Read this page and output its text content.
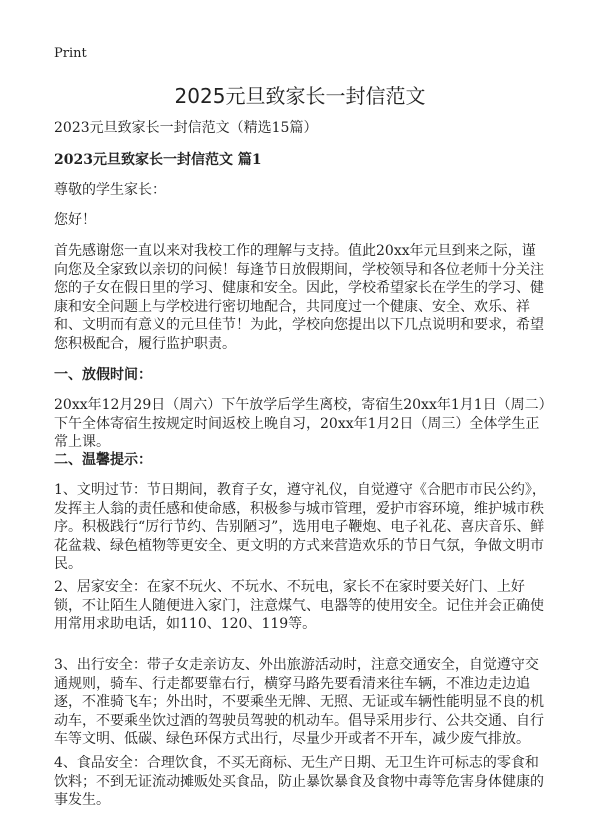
Print
2025元旦致家长一封信范文
2023元旦致家长一封信范文（精选15篇）
2023元旦致家长一封信范文 篇1
尊敬的学生家长：
您好！
首先感谢您一直以来对我校工作的理解与支持。值此20xx年元旦到来之际，谨向您及全家致以亲切的问候！每逢节日放假期间，学校领导和各位老师十分关注您的子女在假日里的学习、健康和安全。因此，学校希望家长在学生的学习、健康和安全问题上与学校进行密切地配合，共同度过一个健康、安全、欢乐、祥和、文明而有意义的元旦佳节！为此，学校向您提出以下几点说明和要求，希望您积极配合，履行监护职责。
一、放假时间：
20xx年12月29日（周六）下午放学后学生离校，寄宿生20xx年1月1日（周二）下午全体寄宿生按规定时间返校上晚自习，20xx年1月2日（周三）全体学生正常上课。
二、温馨提示：
1、文明过节：节日期间，教育子女，遵守礼仪，自觉遵守《合肥市市民公约》，发挥主人翁的责任感和使命感，积极参与城市管理，爱护市容环境，维护城市秩序。积极践行“厉行节约、告别陋习”，选用电子鞭炮、电子礼花、喜庆音乐、鲜花盆栽、绿色植物等更安全、更文明的方式来营造欢乐的节日气氛，争做文明市民。
2、居家安全：在家不玩火、不玩水、不玩电，家长不在家时要关好门、上好锁，不让陌生人随便进入家门，注意煤气、电器等的使用安全。记住并会正确使用常用求助电话，如110、120、119等。
3、出行安全：带子女走亲访友、外出旅游活动时，注意交通安全，自觉遵守交通规则，骑车、行走都要靠右行，横穿马路先要看清来往车辆，不准边走边追逐，不准骑飞车；外出时，不要乘坐无牌、无照、无证或车辆性能明显不良的机动车，不要乘坐饮过酒的驾驶员驾驶的机动车。倡导采用步行、公共交通、自行车等文明、低碳、绿色环保方式出行，尽量少开或者不开车，减少废气排放。
4、食品安全：合理饮食，不买无商标、无生产日期、无卫生许可标志的零食和饮料；不到无证流动摊贩处买食品，防止暴饮暴食及食物中毒等危害身体健康的事发生。
